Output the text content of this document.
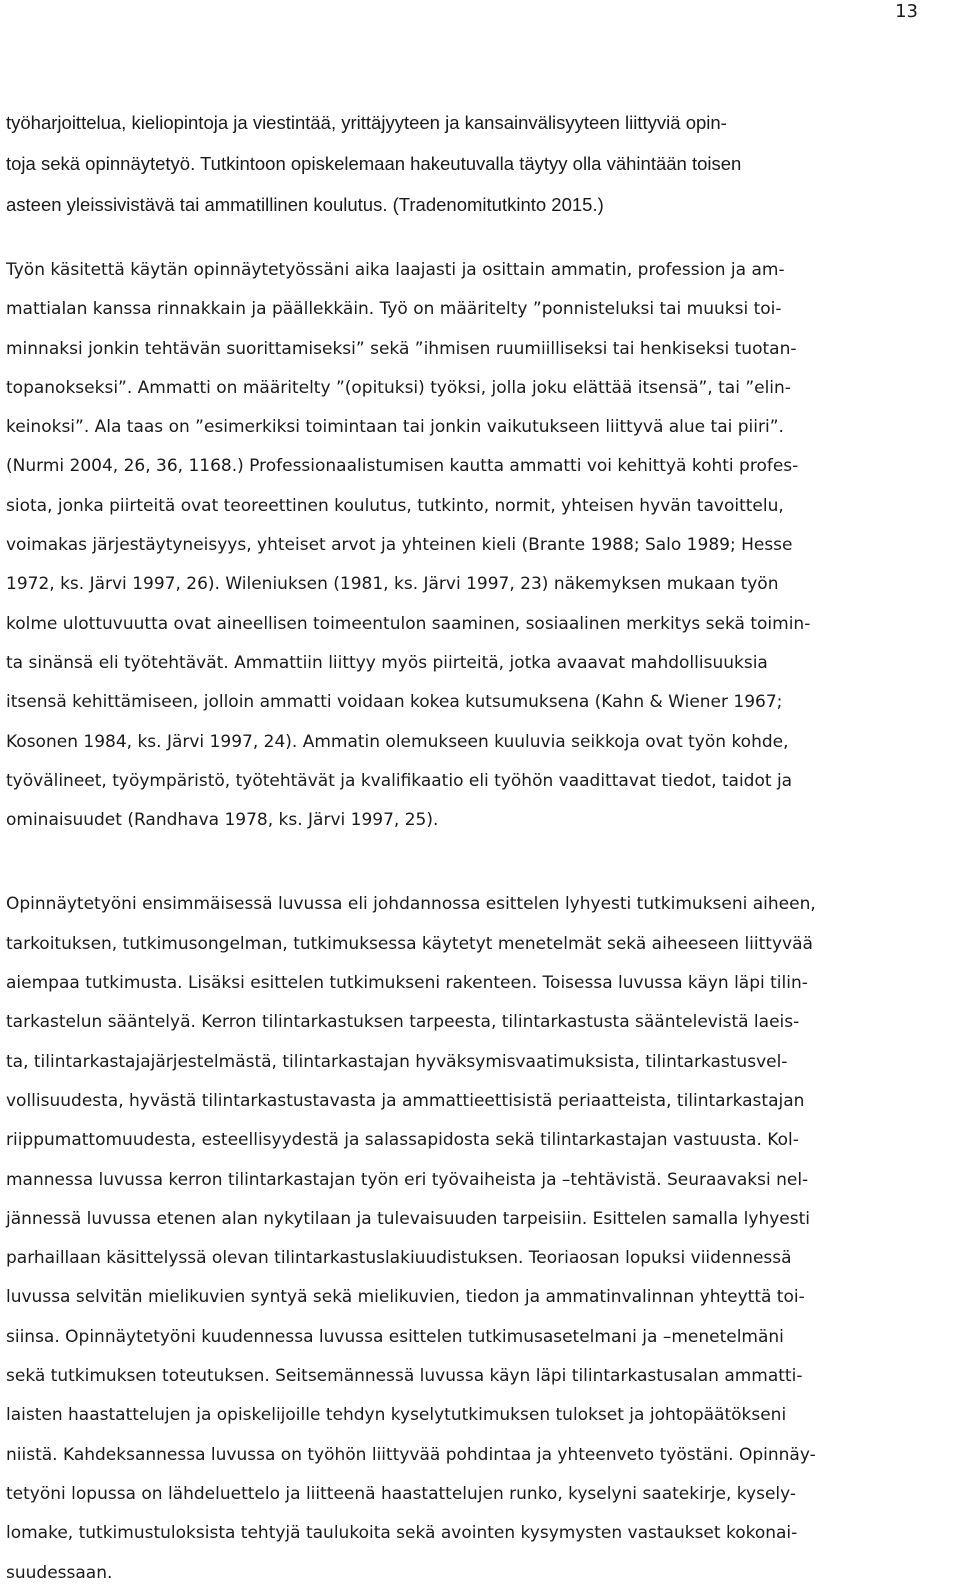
13
työharjoittelua, kieliopintoja ja viestintää, yrittäjyyteen ja kansainvälisyyteen liittyviä opin-
toja sekä opinnäytetyö. Tutkintoon opiskelemaan hakeutuvalla täytyy olla vähintään toisen
asteen yleissivistävä tai ammatillinen koulutus. (Tradenomitutkinto 2015.)
Työn käsitettä käytän opinnäytetyössäni aika laajasti ja osittain ammatin, profession ja am-
mattialan kanssa rinnakkain ja päällekkäin. Työ on määritelty ”ponnisteluksi tai muuksi toi-
minnaksi jonkin tehtävän suorittamiseksi” sekä ”ihmisen ruumiilliseksi tai henkiseksi tuotan-
topanokseksi”. Ammatti on määritelty ”(opituksi) työksi, jolla joku elättää itsensä”, tai ”elin-
keinoksi”. Ala taas on ”esimerkiksi toimintaan tai jonkin vaikutukseen liittyvä alue tai piiri”.
(Nurmi 2004, 26, 36, 1168.) Professionaalistumisen kautta ammatti voi kehittyä kohti profes-
siota, jonka piirteitä ovat teoreettinen koulutus, tutkinto, normit, yhteisen hyvän tavoittelu,
voimakas järjestäytyneisyys, yhteiset arvot ja yhteinen kieli (Brante 1988; Salo 1989; Hesse
1972, ks. Järvi 1997, 26). Wileniuksen (1981, ks. Järvi 1997, 23) näkemyksen mukaan työn
kolme ulottuvuutta ovat aineellisen toimeentulon saaminen, sosiaalinen merkitys sekä toimin-
ta sinänsä eli työtehtävät. Ammattiin liittyy myös piirteitä, jotka avaavat mahdollisuuksia
itsensä kehittämiseen, jolloin ammatti voidaan kokea kutsumuksena (Kahn & Wiener 1967;
Kosonen 1984, ks. Järvi 1997, 24). Ammatin olemukseen kuuluvia seikkoja ovat työn kohde,
työvälineet, työympäristö, työtehtävät ja kvalifikaatio eli työhön vaadittavat tiedot, taidot ja
ominaisuudet (Randhava 1978, ks. Järvi 1997, 25).
Opinnäytetyöni ensimmäisessä luvussa eli johdannossa esittelen lyhyesti tutkimukseni aiheen,
tarkoituksen, tutkimusongelman, tutkimuksessa käytetyt menetelmät sekä aiheeseen liittyvää
aiempaa tutkimusta. Lisäksi esittelen tutkimukseni rakenteen. Toisessa luvussa käyn läpi tilin-
tarkastelun sääntelyä. Kerron tilintarkastuksen tarpeesta, tilintarkastusta sääntelevistä laeis-
ta, tilintarkastajajärjestelmästä, tilintarkastajan hyväksymisvaatimuksista, tilintarkastusvel-
vollisuudesta, hyvästä tilintarkastustavasta ja ammattieettisistä periaatteista, tilintarkastajan
riippumattomuudesta, esteellisyydestä ja salassapidosta sekä tilintarkastajan vastuusta. Kol-
mannessa luvussa kerron tilintarkastajan työn eri työvaiheista ja –tehtävistä. Seuraavaksi nel-
jännessä luvussa etenen alan nykytilaan ja tulevaisuuden tarpeisiin. Esittelen samalla lyhyesti
parhaillaan käsittelyssä olevan tilintarkastuslakiuudistuksen. Teoriaosan lopuksi viidennessä
luvussa selvitän mielikuvien syntyä sekä mielikuvien, tiedon ja ammatinvalinnan yhteyttä toi-
siinsa. Opinnäytetyöni kuudennessa luvussa esittelen tutkimusasetelmani ja –menetelmäni
sekä tutkimuksen toteutuksen. Seitsemännessä luvussa käyn läpi tilintarkastusalan ammatti-
laisten haastattelujen ja opiskelijoille tehdyn kyselytutkimuksen tulokset ja johtopäätökseni
niistä. Kahdeksannessa luvussa on työhön liittyvää pohdintaa ja yhteenveto työstäni. Opinnäy-
tetyöni lopussa on lähdeluettelo ja liitteenä haastattelujen runko, kyselyni saatekirje, kysely-
lomake, tutkimustuloksista tehtyjä taulukoita sekä avointen kysymysten vastaukset kokonai-
suudessaan.
